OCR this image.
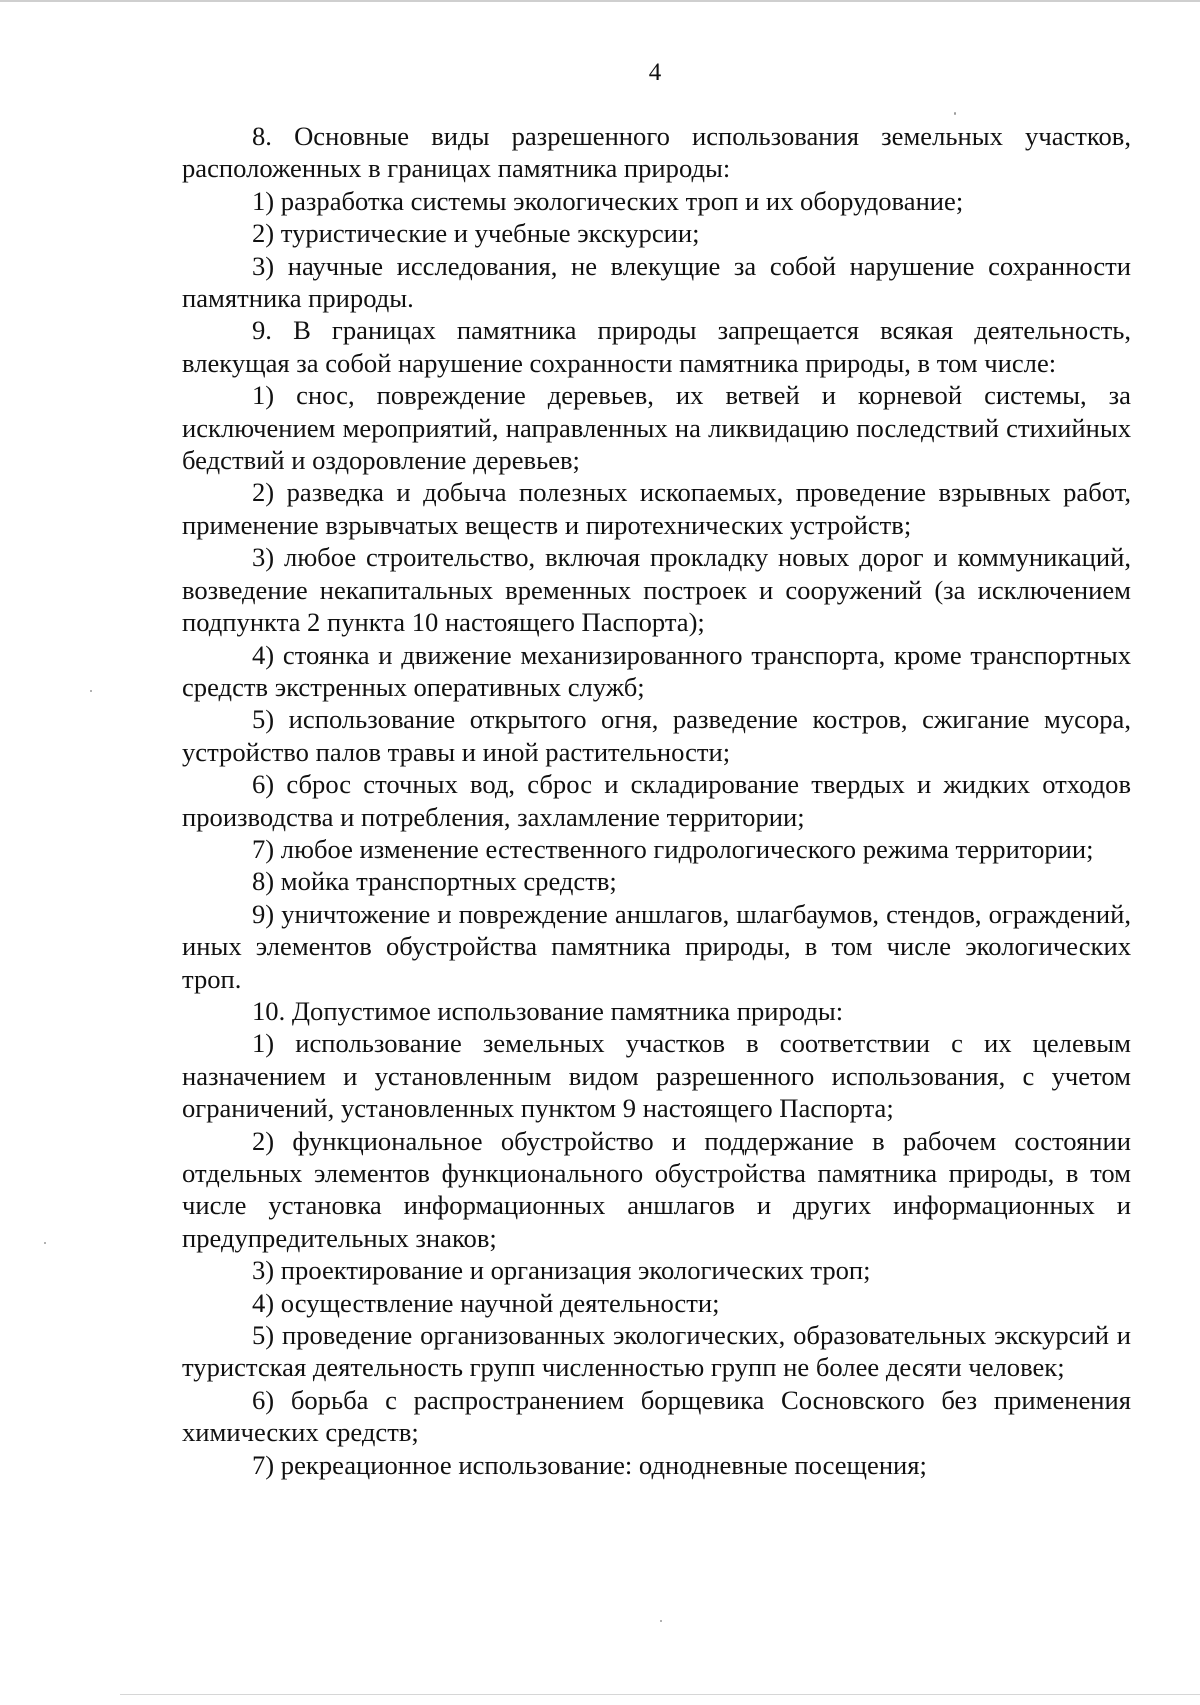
4

8. Основные виды разрешенного использования земельных участков, расположенных в границах памятника природы:

1) разработка системы экологических троп и их оборудование;

2) туристические и учебные экскурсии;

3) научные исследования, не влекущие за собой нарушение сохранности памятника природы.

9. В границах памятника природы запрещается всякая деятельность, влекущая за собой нарушение сохранности памятника природы, в том числе:

1) снос, повреждение деревьев, их ветвей и корневой системы, за исключением мероприятий, направленных на ликвидацию последствий стихийных бедствий и оздоровление деревьев;

2) разведка и добыча полезных ископаемых, проведение взрывных работ, применение взрывчатых веществ и пиротехнических устройств;

3) любое строительство, включая прокладку новых дорог и коммуникаций, возведение некапитальных временных построек и сооружений (за исключением подпункта 2 пункта 10 настоящего Паспорта);

4) стоянка и движение механизированного транспорта, кроме транспортных средств экстренных оперативных служб;

5) использование открытого огня, разведение костров, сжигание мусора, устройство палов травы и иной растительности;

6) сброс сточных вод, сброс и складирование твердых и жидких отходов производства и потребления, захламление территории;

7) любое изменение естественного гидрологического режима территории;

8) мойка транспортных средств;

9) уничтожение и повреждение аншлагов, шлагбаумов, стендов, ограждений, иных элементов обустройства памятника природы, в том числе экологических троп.

10. Допустимое использование памятника природы:

1) использование земельных участков в соответствии с их целевым назначением и установленным видом разрешенного использования, с учетом ограничений, установленных пунктом 9 настоящего Паспорта;

2) функциональное обустройство и поддержание в рабочем состоянии отдельных элементов функционального обустройства памятника природы, в том числе установка информационных аншлагов и других информационных и предупредительных знаков;

3) проектирование и организация экологических троп;

4) осуществление научной деятельности;

5) проведение организованных экологических, образовательных экскурсий и туристская деятельность групп численностью групп не более десяти человек;

6) борьба с распространением борщевика Сосновского без применения химических средств;

7) рекреационное использование: однодневные посещения;
